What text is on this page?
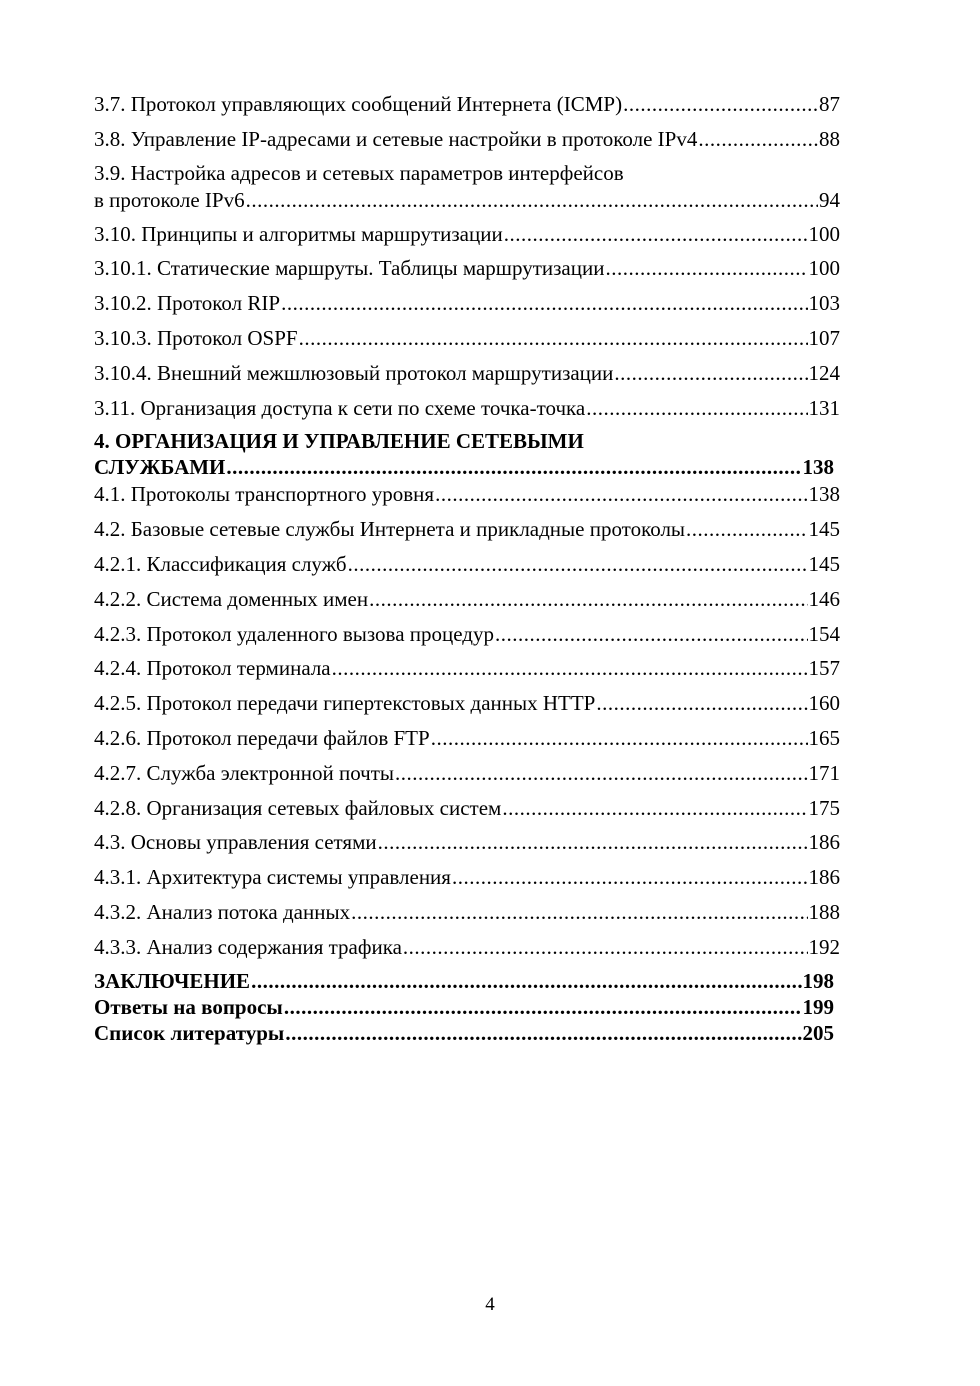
3.7. Протокол управляющих сообщений Интернета (ICMP) .....	87
3.8. Управление IP-адресами и сетевые настройки в протоколе IPv4 .....	88
3.9. Настройка адресов и сетевых параметров интерфейсов
в протоколе IPv6 .....	94
3.10. Принципы и алгоритмы маршрутизации .....	100
3.10.1. Статические маршруты. Таблицы маршрутизации .....	100
3.10.2. Протокол RIP .....	103
3.10.3. Протокол OSPF .....	107
3.10.4. Внешний межшлюзовый протокол маршрутизации .....	124
3.11. Организация доступа к сети по схеме точка-точка .....	131
4. ОРГАНИЗАЦИЯ И УПРАВЛЕНИЕ СЕТЕВЫМИ
СЛУЖБАМИ .....	138
4.1. Протоколы транспортного уровня .....	138
4.2. Базовые сетевые службы Интернета и прикладные протоколы .....	145
4.2.1. Классификация служб .....	145
4.2.2. Система доменных имен .....	146
4.2.3. Протокол удаленного вызова процедур .....	154
4.2.4. Протокол терминала .....	157
4.2.5. Протокол передачи гипертекстовых данных HTTP .....	160
4.2.6. Протокол передачи файлов FTP .....	165
4.2.7. Служба электронной почты .....	171
4.2.8. Организация сетевых файловых систем .....	175
4.3. Основы управления сетями .....	186
4.3.1. Архитектура системы управления .....	186
4.3.2. Анализ потока данных .....	188
4.3.3. Анализ содержания трафика .....	192
ЗАКЛЮЧЕНИЕ .....	198
Ответы на вопросы .....	199
Список литературы .....	205
4
